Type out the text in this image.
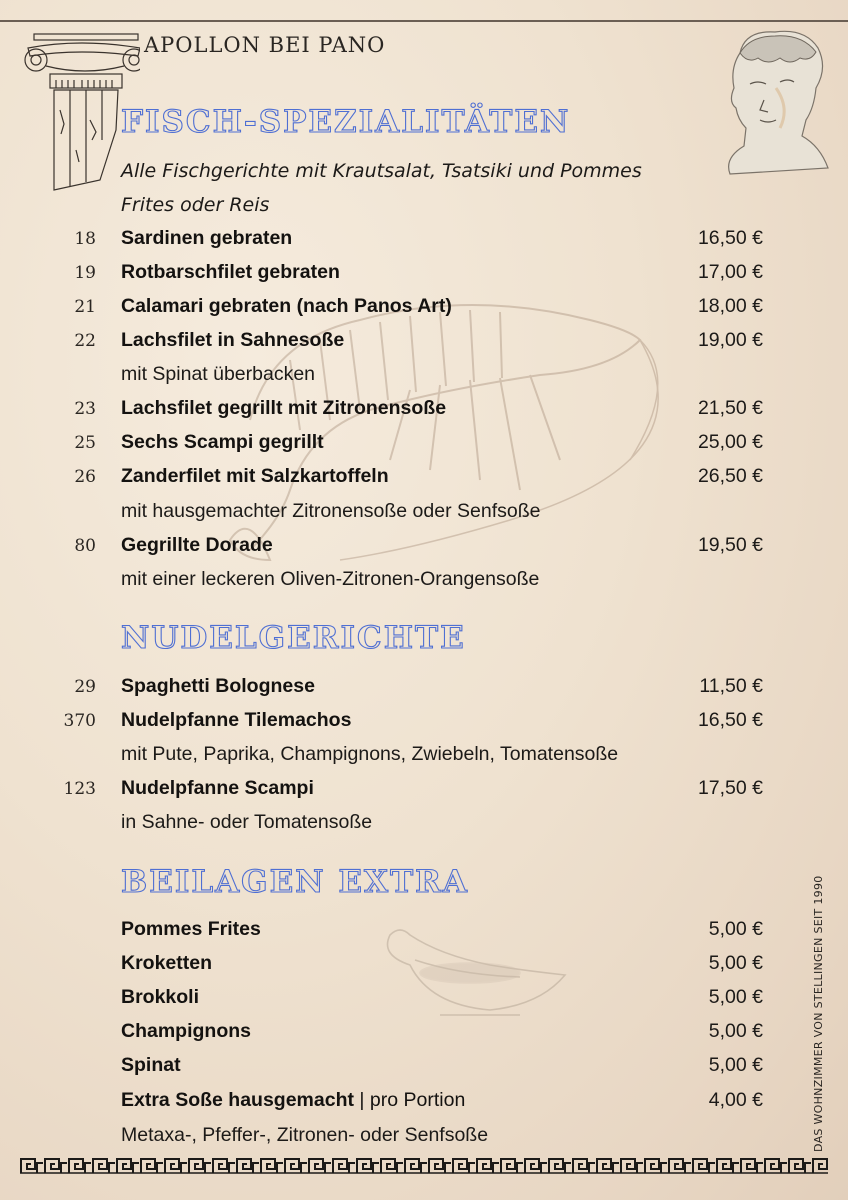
APOLLON BEI PANO
FISCH-SPEZIALITÄTEN
Alle Fischgerichte mit Krautsalat, Tsatsiki und Pommes
Frites oder Reis
18 Sardinen gebraten	16,50 €
19 Rotbarschfilet gebraten	17,00 €
21 Calamari gebraten (nach Panos Art)	18,00 €
22 Lachsfilet in Sahnesoße	19,00 €
mit Spinat überbacken
23 Lachsfilet gegrillt mit Zitronensoße	21,50 €
25 Sechs Scampi gegrillt	25,00 €
26 Zanderfilet mit Salzkartoffeln	26,50 €
mit hausgemachter Zitronensoße oder Senfsoße
80 Gegrillte Dorade	19,50 €
mit einer leckeren Oliven-Zitronen-Orangensoße
NUDELGERICHTE
29 Spaghetti Bolognese	11,50 €
370 Nudelpfanne Tilemachos	16,50 €
mit Pute, Paprika, Champignons, Zwiebeln, Tomatensoße
123 Nudelpfanne Scampi	17,50 €
in Sahne- oder Tomatensoße
BEILAGEN EXTRA
Pommes Frites	5,00 €
Kroketten	5,00 €
Brokkoli	5,00 €
Champignons	5,00 €
Spinat	5,00 €
Extra Soße hausgemacht | pro Portion	4,00 €
Metaxa-, Pfeffer-, Zitronen- oder Senfsoße	DAS WOHNZIMMER VON STELLINGEN SEIT 1990
